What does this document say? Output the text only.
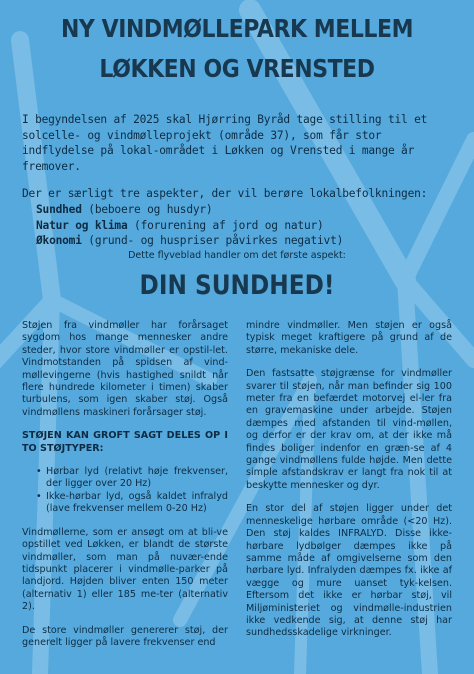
NY VINDMØLLEPARK MELLEM
LØKKEN OG VRENSTED

I begyndelsen af 2025 skal Hjørring Byråd tage stilling til et solcelle- og vindmølleprojekt (område 37), som får stor indflydelse på lokal-området i Løkken og Vrensted i mange år fremover.

Der er særligt tre aspekter, der vil berøre lokalbefolkningen:

Sundhed (beboere og husdyr)
Natur og klima (forurening af jord og natur)
Økonomi (grund- og huspriser påvirkes negativt)
Dette flyveblad handler om det første aspekt:
DIN SUNDHED!

Støjen fra vindmøller har forårsaget sygdom hos mange mennesker andre steder, hvor store vindmøller er opstil-let. Vindmotstanden på spidsen af vind-møllevingerne (hvis hastighed snildt når flere hundrede kilometer i timen) skaber turbulens, som igen skaber støj. Også vindmøllens maskineri forårsager støj.

STØJEN KAN GROFT SAGT DELES OP I TO STØJTYPER:

• Hørbar lyd (relativt høje frekvenser, der ligger over 20 Hz)
• Ikke-hørbar lyd, også kaldet infralyd (lave frekvenser mellem 0-20 Hz)

Vindmøllerne, som er ansøgt om at bli-ve opstillet ved Løkken, er blandt de største vindmøller, som man på nuvær-ende tidspunkt placerer i vindmølle-parker på landjord. Højden bliver enten 150 meter (alternativ 1) eller 185 me-ter (alternativ 2).

De store vindmøller genererer støj, der generelt ligger på lavere frekvenser end

mindre vindmøller. Men støjen er også typisk meget kraftigere på grund af de større, mekaniske dele.

Den fastsatte støjgrænse for vindmøller svarer til støjen, når man befinder sig 100 meter fra en befærdet motorvej el-ler fra en gravemaskine under arbejde. Støjen dæmpes med afstanden til vind-møllen, og derfor er der krav om, at der ikke må findes boliger indenfor en græn-se af 4 gange vindmøllens fulde højde. Men dette simple afstandskrav er langt fra nok til at beskytte mennesker og dyr.

En stor del af støjen ligger under det menneskelige hørbare område (<20 Hz). Den støj kaldes INFRALYD. Disse ikke-hørbare lydbølger dæmpes ikke på samme måde af omgivelserne som den hørbare lyd. Infralyden dæmpes fx. ikke af vægge og mure uanset tyk-kelsen. Eftersom det ikke er hørbar støj, vil Miljøministeriet og vindmølle-industrien ikke vedkende sig, at denne støj har sundhedsskadelige virkninger.
